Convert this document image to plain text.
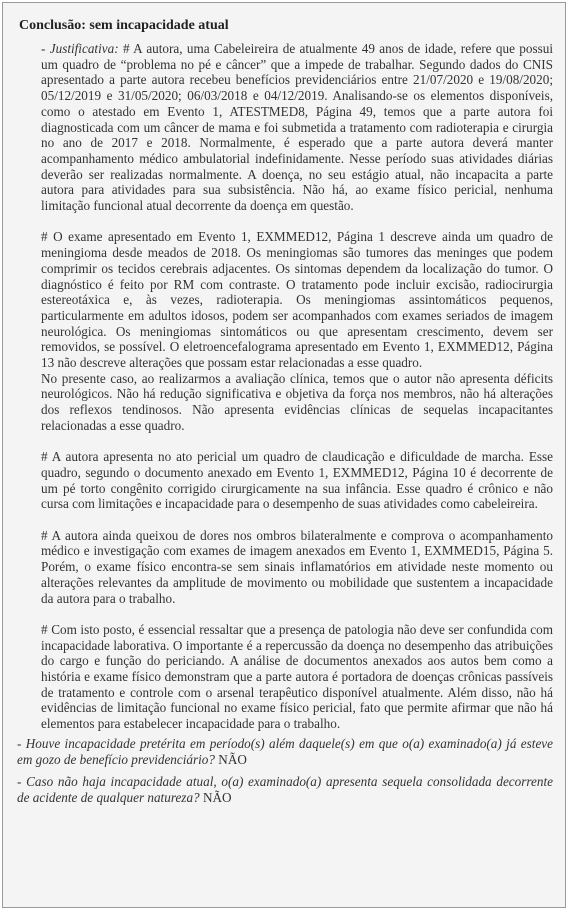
Conclusão: sem incapacidade atual

- Justificativa: # A autora, uma Cabeleireira de atualmente 49 anos de idade, refere que possui um quadro de “problema no pé e câncer” que a impede de trabalhar. Segundo dados do CNIS apresentado a parte autora recebeu benefícios previdenciários entre 21/07/2020 e 19/08/2020; 05/12/2019 e 31/05/2020; 06/03/2018 e 04/12/2019. Analisando-se os elementos disponíveis, como o atestado em Evento 1, ATESTMED8, Página 49, temos que a parte autora foi diagnosticada com um câncer de mama e foi submetida a tratamento com radioterapia e cirurgia no ano de 2017 e 2018. Normalmente, é esperado que a parte autora deverá manter acompanhamento médico ambulatorial indefinidamente. Nesse período suas atividades diárias deverão ser realizadas normalmente. A doença, no seu estágio atual, não incapacita a parte autora para atividades para sua subsistência. Não há, ao exame físico pericial, nenhuma limitação funcional atual decorrente da doença em questão.

# O exame apresentado em Evento 1, EXMMED12, Página 1 descreve ainda um quadro de meningioma desde meados de 2018. Os meningiomas são tumores das meninges que podem comprimir os tecidos cerebrais adjacentes. Os sintomas dependem da localização do tumor. O diagnóstico é feito por RM com contraste. O tratamento pode incluir excisão, radiocirurgia estereotáxica e, às vezes, radioterapia. Os meningiomas assintomáticos pequenos, particularmente em adultos idosos, podem ser acompanhados com exames seriados de imagem neurológica. Os meningiomas sintomáticos ou que apresentam crescimento, devem ser removidos, se possível. O eletroencefalograma apresentado em Evento 1, EXMMED12, Página 13 não descreve alterações que possam estar relacionadas a esse quadro.

No presente caso, ao realizarmos a avaliação clínica, temos que o autor não apresenta déficits neurológicos. Não há redução significativa e objetiva da força nos membros, não há alterações dos reflexos tendinosos. Não apresenta evidências clínicas de sequelas incapacitantes relacionadas a esse quadro.

# A autora apresenta no ato pericial um quadro de claudicação e dificuldade de marcha. Esse quadro, segundo o documento anexado em Evento 1, EXMMED12, Página 10 é decorrente de um pé torto congênito corrigido cirurgicamente na sua infância. Esse quadro é crônico e não cursa com limitações e incapacidade para o desempenho de suas atividades como cabeleireira.

# A autora ainda queixou de dores nos ombros bilateralmente e comprova o acompanhamento médico e investigação com exames de imagem anexados em Evento 1, EXMMED15, Página 5. Porém, o exame físico encontra-se sem sinais inflamatórios em atividade neste momento ou alterações relevantes da amplitude de movimento ou mobilidade que sustentem a incapacidade da autora para o trabalho.

# Com isto posto, é essencial ressaltar que a presença de patologia não deve ser confundida com incapacidade laborativa. O importante é a repercussão da doença no desempenho das atribuições do cargo e função do periciando. A análise de documentos anexados aos autos bem como a história e exame físico demonstram que a parte autora é portadora de doenças crônicas passíveis de tratamento e controle com o arsenal terapêutico disponível atualmente. Além disso, não há evidências de limitação funcional no exame físico pericial, fato que permite afirmar que não há elementos para estabelecer incapacidade para o trabalho.

- Houve incapacidade pretérita em período(s) além daquele(s) em que o(a) examinado(a) já esteve em gozo de benefício previdenciário? NÃO

- Caso não haja incapacidade atual, o(a) examinado(a) apresenta sequela consolidada decorrente de acidente de qualquer natureza? NÃO
